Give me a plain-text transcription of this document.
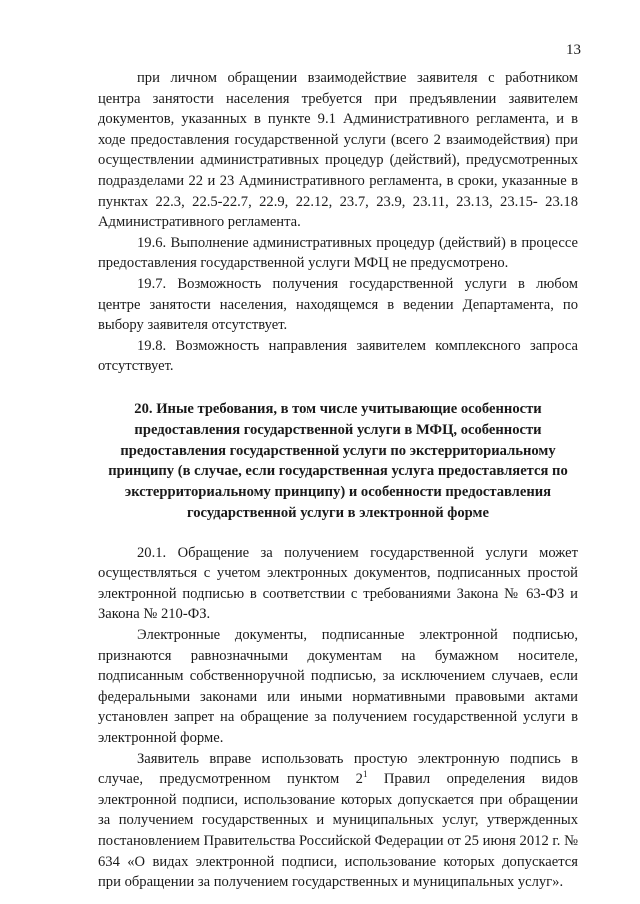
13

при личном обращении взаимодействие заявителя с работником центра занятости населения требуется при предъявлении заявителем документов, указанных в пункте 9.1 Административного регламента, и в ходе предоставления государственной услуги (всего 2 взаимодействия) при осуществлении административных процедур (действий), предусмотренных подразделами 22 и 23 Административного регламента, в сроки, указанные в пунктах 22.3, 22.5-22.7, 22.9, 22.12, 23.7, 23.9, 23.11, 23.13, 23.15- 23.18 Административного регламента.

19.6. Выполнение административных процедур (действий) в процессе предоставления государственной услуги МФЦ не предусмотрено.

19.7. Возможность получения государственной услуги в любом центре занятости населения, находящемся в ведении Департамента, по выбору заявителя отсутствует.

19.8. Возможность направления заявителем комплексного запроса отсутствует.

20. Иные требования, в том числе учитывающие особенности предоставления государственной услуги в МФЦ, особенности предоставления государственной услуги по экстерриториальному принципу (в случае, если государственная услуга предоставляется по экстерриториальному принципу) и особенности предоставления государственной услуги в электронной форме

20.1. Обращение за получением государственной услуги может осуществляться с учетом электронных документов, подписанных простой электронной подписью в соответствии с требованиями Закона № 63-ФЗ и Закона № 210-ФЗ.

Электронные документы, подписанные электронной подписью, признаются равнозначными документам на бумажном носителе, подписанным собственноручной подписью, за исключением случаев, если федеральными законами или иными нормативными правовыми актами установлен запрет на обращение за получением государственной услуги в электронной форме.

Заявитель вправе использовать простую электронную подпись в случае, предусмотренном пунктом $2^1$ Правил определения видов электронной подписи, использование которых допускается при обращении за получением государственных и муниципальных услуг, утвержденных постановлением Правительства Российской Федерации от 25 июня 2012 г. № 634 «О видах электронной подписи, использование которых допускается при обращении за получением государственных и муниципальных услуг».
